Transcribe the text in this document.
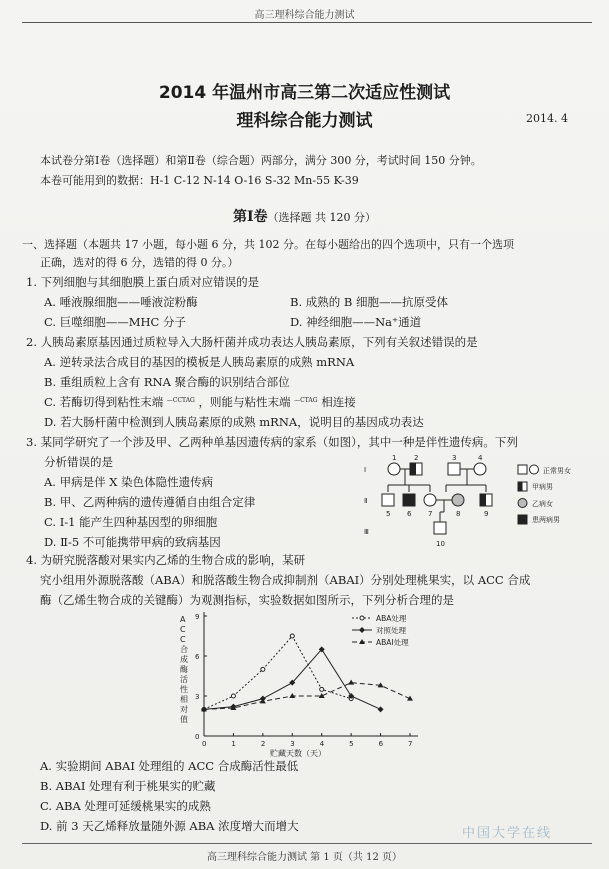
高三理科综合能力测试
2014 年温州市高三第二次适应性测试
理科综合能力测试	2014. 4
本试卷分第Ⅰ卷（选择题）和第Ⅱ卷（综合题）两部分，满分 300 分，考试时间 150 分钟。
本卷可能用到的数据：H-1 C-12 N-14 O-16 S-32 Mn-55 K-39
第Ⅰ卷（选择题 共 120 分）
一、选择题（本题共 17 小题，每小题 6 分，共 102 分。在每小题给出的四个选项中，只有一个选项
正确，选对的得 6 分，选错的得 0 分。）
1. 下列细胞与其细胞膜上蛋白质对应错误的是
A. 唾液腺细胞——唾液淀粉酶	B. 成熟的 B 细胞——抗原受体
C. 巨噬细胞——MHC 分子	D. 神经细胞——Na⁺通道
2. 人胰岛素原基因通过质粒导入大肠杆菌并成功表达人胰岛素原，下列有关叙述错误的是
A. 逆转录法合成目的基因的模板是人胰岛素原的成熟 mRNA
B. 重组质粒上含有 RNA 聚合酶的识别结合部位
C. 若酶切得到粘性末端 $^{—CCTAG}$ ，则能与粘性末端 $^{—CTAG}$ 相连接
D. 若大肠杆菌中检测到人胰岛素原的成熟 mRNA，说明目的基因成功表达
3. 某同学研究了一个涉及甲、乙两种单基因遗传病的家系（如图），其中一种是伴性遗传病。下列
分析错误的是
A. 甲病是伴 X 染色体隐性遗传病
B. 甲、乙两种病的遗传遵循自由组合定律
C. Ⅰ-1 能产生四种基因型的卵细胞
D. Ⅱ-5 不可能携带甲病的致病基因
Ⅰ
Ⅱ
Ⅲ
1	2	3	4
5 6 7	8	9
10
正常男女
甲病男
乙病女
患两病男
4. 为研究脱落酸对果实内乙烯的生物合成的影响，某研
究小组用外源脱落酸（ABA）和脱落酸生物合成抑制剂（ABAI）分别处理桃果实，以 ACC 合成
酶（乙烯生物合成的关键酶）为观测指标，实验数据如图所示，下列分析合理的是
0	1	2	3	4	5	6	7
0
3
6
9	ABA处理
对照处理
ABAI处理
A C C 合成酶活性相对值
贮藏天数（天）
A. 实验期间 ABAI 处理组的 ACC 合成酶活性最低
B. ABAI 处理有利于桃果实的贮藏
C. ABA 处理可延缓桃果实的成熟
D. 前 3 天乙烯释放量随外源 ABA 浓度增大而增大	中国大学在线
高三理科综合能力测试 第 1 页（共 12 页）
